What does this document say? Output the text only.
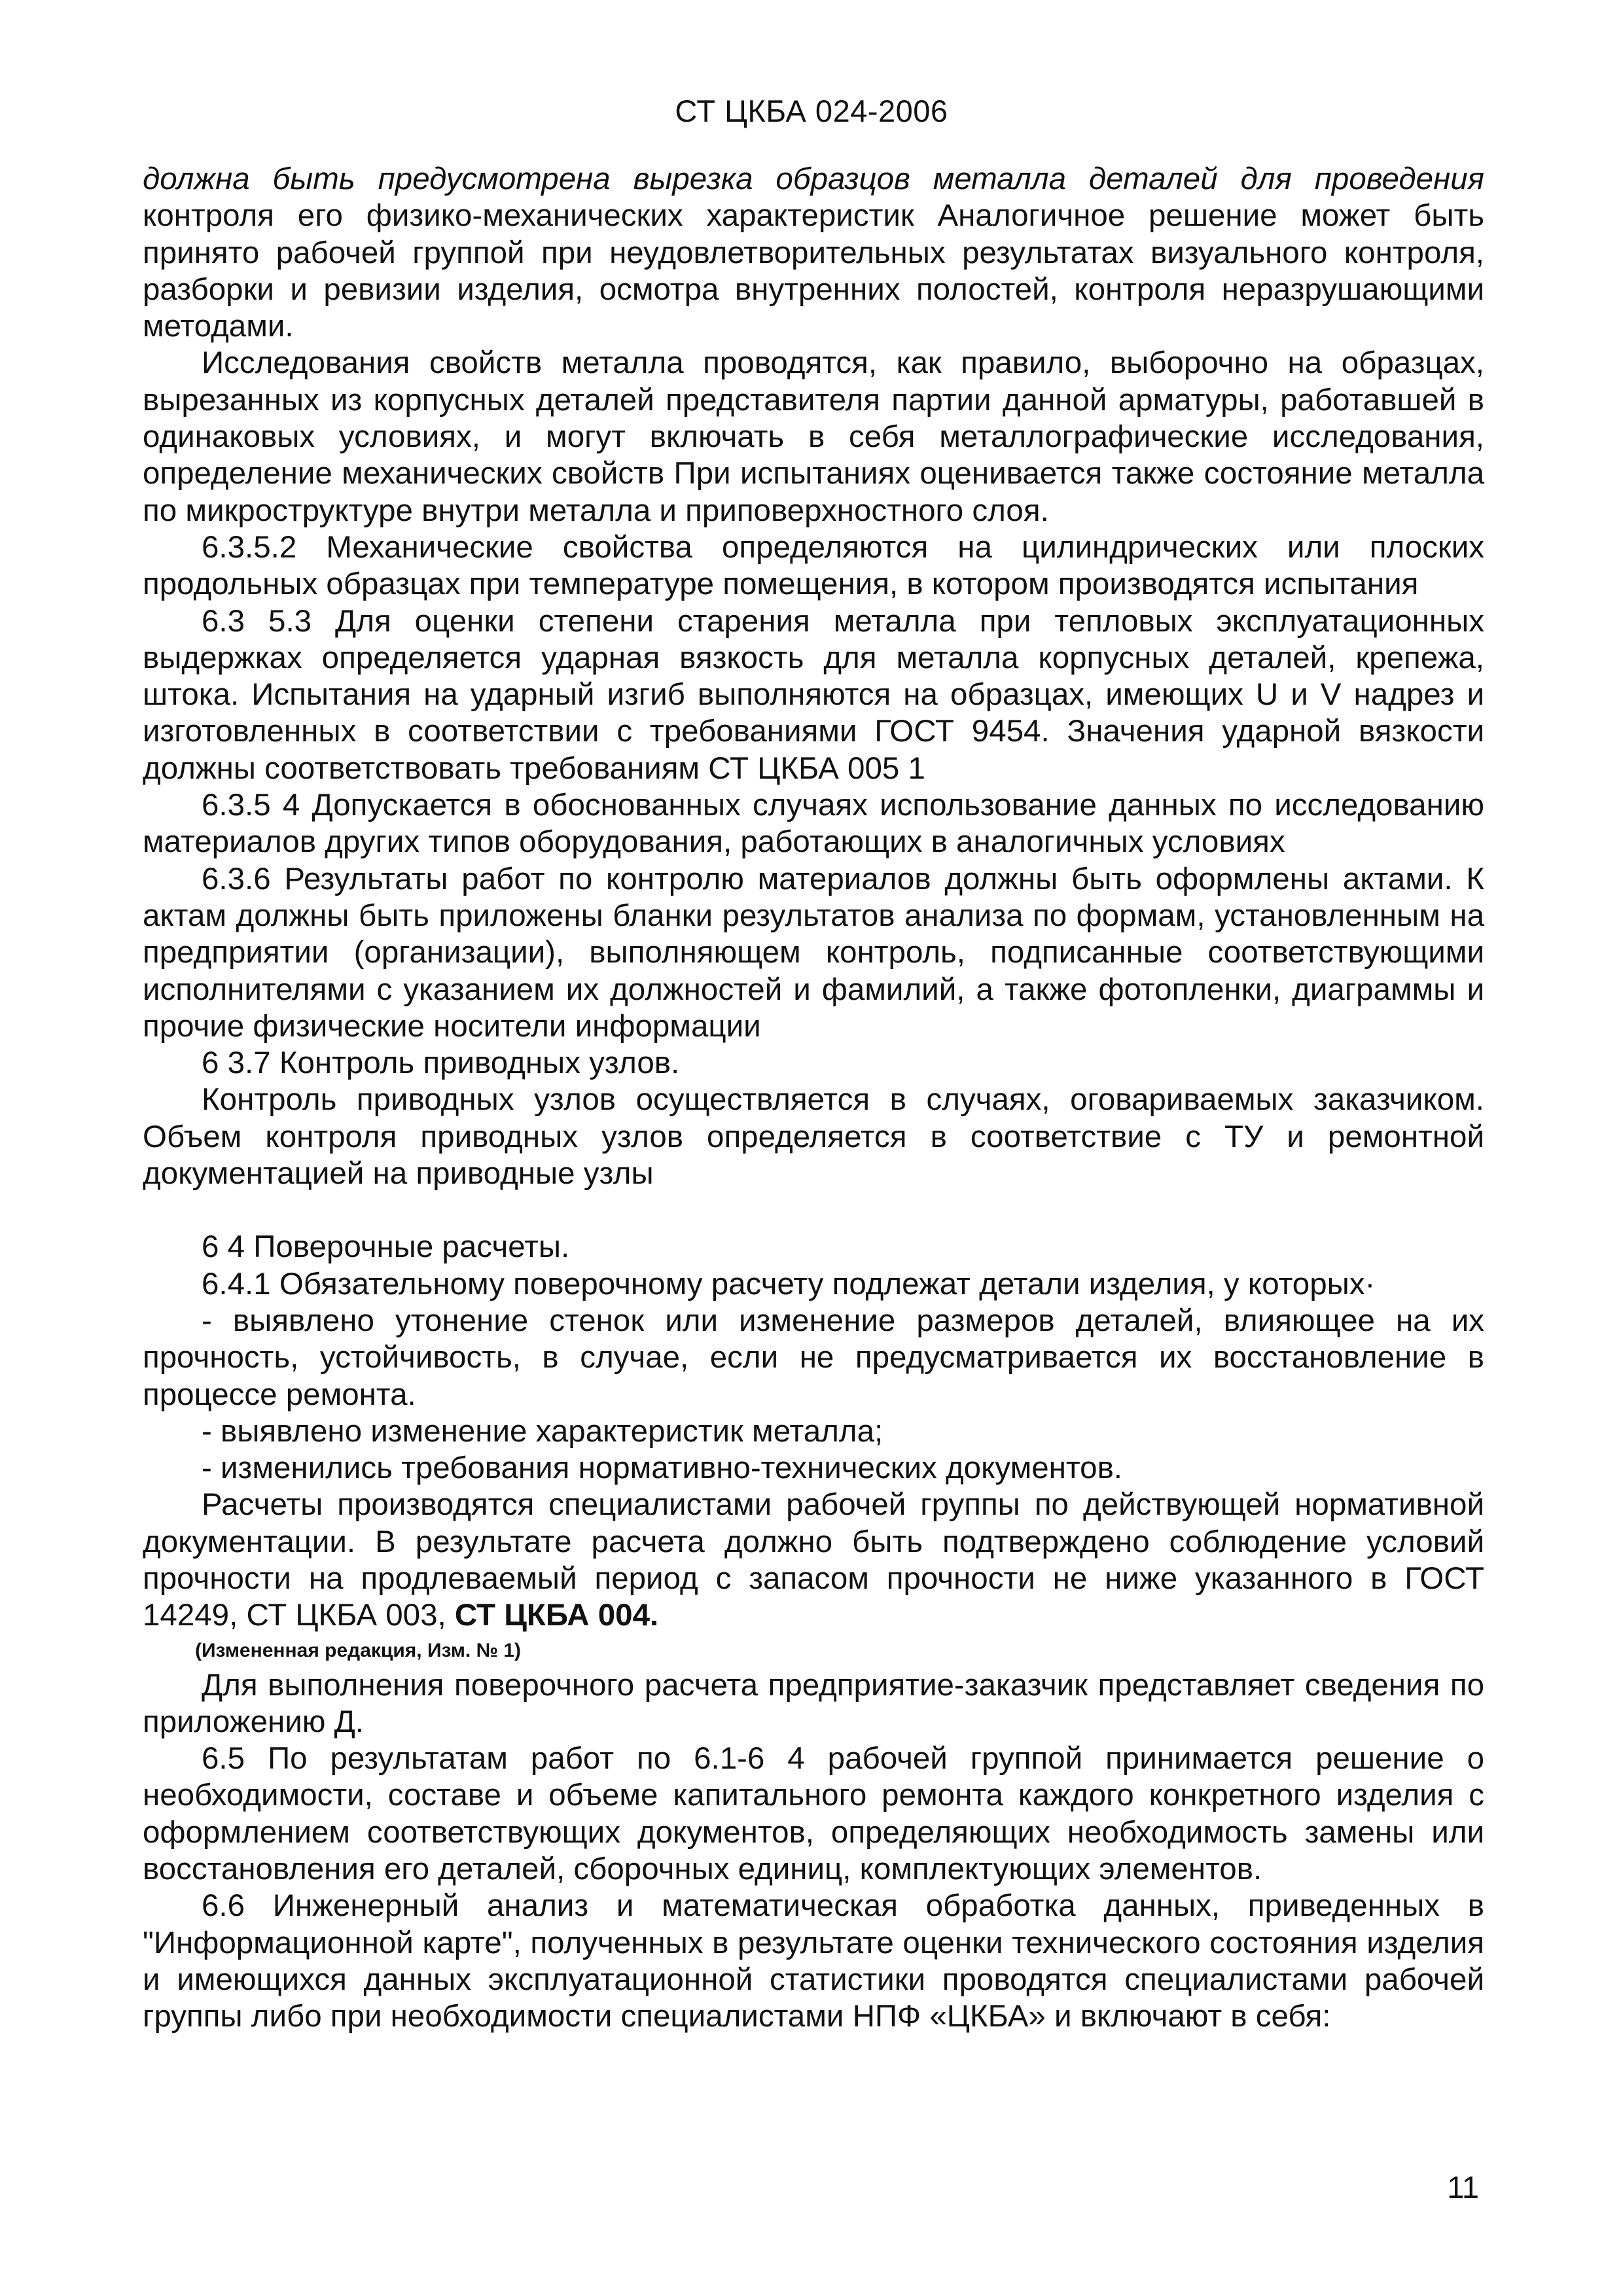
СТ ЦКБА 024-2006

должна быть предусмотрена вырезка образцов металла деталей для проведения

контроля его физико-механических характеристик Аналогичное решение может быть принято рабочей группой при неудовлетворительных результатах визуального контроля, разборки и ревизии изделия, осмотра внутренних полостей, контроля неразрушающими методами.

Исследования свойств металла проводятся, как правило, выборочно на образцах, вырезанных из корпусных деталей представителя партии данной арматуры, работавшей в одинаковых условиях, и могут включать в себя металлографические исследования, определение механических свойств При испытаниях оценивается также состояние металла по микроструктуре внутри металла и приповерхностного слоя.

6.3.5.2 Механические свойства определяются на цилиндрических или плоских продольных образцах при температуре помещения, в котором производятся испытания

6.3 5.3 Для оценки степени старения металла при тепловых эксплуатационных выдержках определяется ударная вязкость для металла корпусных деталей, крепежа, штока. Испытания на ударный изгиб выполняются на образцах, имеющих U и V надрез и изготовленных в соответствии с требованиями ГОСТ 9454. Значения ударной вязкости должны соответствовать требованиям СТ ЦКБА 005 1

6.3.5 4 Допускается в обоснованных случаях использование данных по исследованию материалов других типов оборудования, работающих в аналогичных условиях

6.3.6 Результаты работ по контролю материалов должны быть оформлены актами. К актам должны быть приложены бланки результатов анализа по формам, установленным на предприятии (организации), выполняющем контроль, подписанные соответствующими исполнителями с указанием их должностей и фамилий, а также фотопленки, диаграммы и прочие физические носители информации

6 3.7 Контроль приводных узлов.

Контроль приводных узлов осуществляется в случаях, оговариваемых заказчиком. Объем контроля приводных узлов определяется в соответствие с ТУ и ремонтной документацией на приводные узлы

6 4 Поверочные расчеты.

6.4.1 Обязательному поверочному расчету подлежат детали изделия, у которых·

- выявлено утонение стенок или изменение размеров деталей, влияющее на их прочность, устойчивость, в случае, если не предусматривается их восстановление в процессе ремонта.

- выявлено изменение характеристик металла;

- изменились требования нормативно-технических документов.

Расчеты производятся специалистами рабочей группы по действующей нормативной документации. В результате расчета должно быть подтверждено соблюдение условий прочности на продлеваемый период с запасом прочности не ниже указанного в ГОСТ 14249, СТ ЦКБА 003, СТ ЦКБА 004.

(Измененная редакция, Изм. № 1)

Для выполнения поверочного расчета предприятие-заказчик представляет сведения по приложению Д.

6.5 По результатам работ по 6.1-6 4 рабочей группой принимается решение о необходимости, составе и объеме капитального ремонта каждого конкретного изделия с оформлением соответствующих документов, определяющих необходимость замены или восстановления его деталей, сборочных единиц, комплектующих элементов.

6.6 Инженерный анализ и математическая обработка данных, приведенных в "Информационной карте", полученных в результате оценки технического состояния изделия и имеющихся данных эксплуатационной статистики проводятся специалистами рабочей группы либо при необходимости специалистами НПФ «ЦКБА» и включают в себя:

11
